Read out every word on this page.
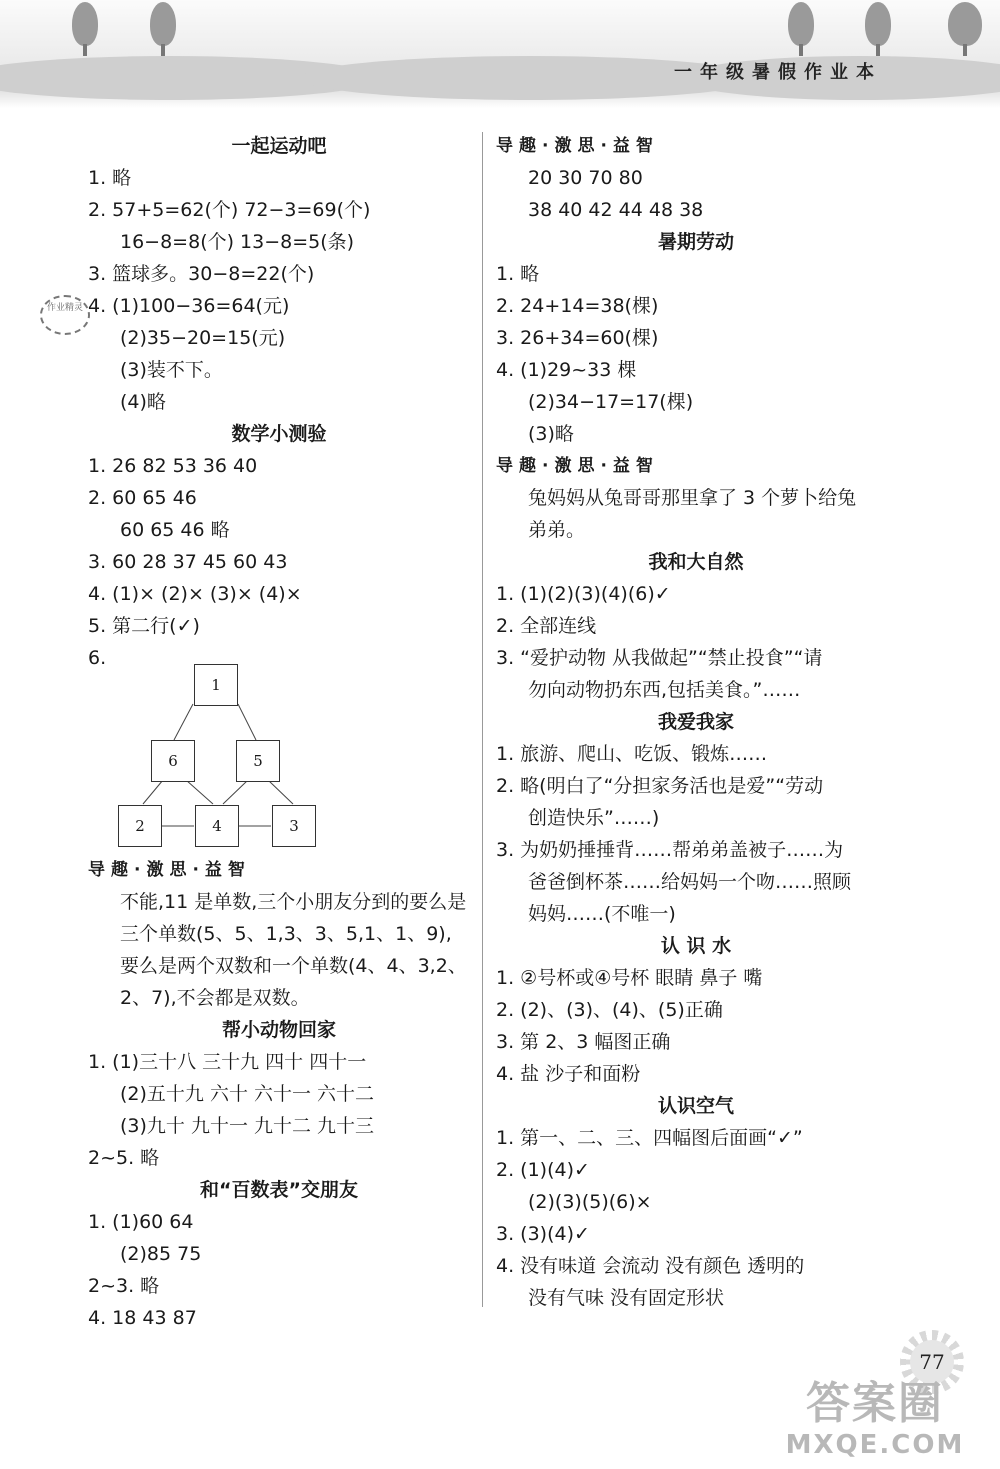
一年级暑假作业本
作业精灵
一起运动吧
1. 略
2. 57+5=62(个) 72−3=69(个)
16−8=8(个) 13−8=5(条)
3. 篮球多。30−8=22(个)
4. (1)100−36=64(元)
(2)35−20=15(元)
(3)装不下。
(4)略
数学小测验
1. 26 82 53 36 40
2. 60 65 46
60 65 46 略
3. 60 28 37 45 60 43
4. (1)× (2)× (3)× (4)×
5. 第二行(✓)
6.
1
6	5
2	4	3
导趣·激思·益智
不能,11 是单数,三个小朋友分到的要么是三个单数(5、5、1,3、3、5,1、1、9),要么是两个双数和一个单数(4、4、3,2、2、7),不会都是双数。
帮小动物回家
1. (1)三十八 三十九 四十 四十一
(2)五十九 六十 六十一 六十二
(3)九十 九十一 九十二 九十三
2~5. 略
和“百数表”交朋友
1. (1)60 64
(2)85 75
2~3. 略
4. 18 43 87
导趣·激思·益智
20 30 70 80
38 40 42 44 48 38
暑期劳动
1. 略
2. 24+14=38(棵)
3. 26+34=60(棵)
4. (1)29~33 棵
(2)34−17=17(棵)
(3)略
导趣·激思·益智
兔妈妈从兔哥哥那里拿了 3 个萝卜给兔弟弟。
我和大自然
1. (1)(2)(3)(4)(6)✓
2. 全部连线
3. “爱护动物 从我做起”“禁止投食”“请
勿向动物扔东西,包括美食。”……
我爱我家
1. 旅游、爬山、吃饭、锻炼……
2. 略(明白了“分担家务活也是爱”“劳动
创造快乐”……)
3. 为奶奶捶捶背……帮弟弟盖被子……为
爸爸倒杯茶……给妈妈一个吻……照顾
妈妈……(不唯一)
认 识 水
1. ②号杯或④号杯 眼睛 鼻子 嘴
2. (2)、(3)、(4)、(5)正确
3. 第 2、3 幅图正确
4. 盐 沙子和面粉
认识空气
1. 第一、二、三、四幅图后面画“✓”
2. (1)(4)✓
(2)(3)(5)(6)×
3. (3)(4)✓
4. 没有味道 会流动 没有颜色 透明的
没有气味 没有固定形状
77
答案圈
MXQE.COM
